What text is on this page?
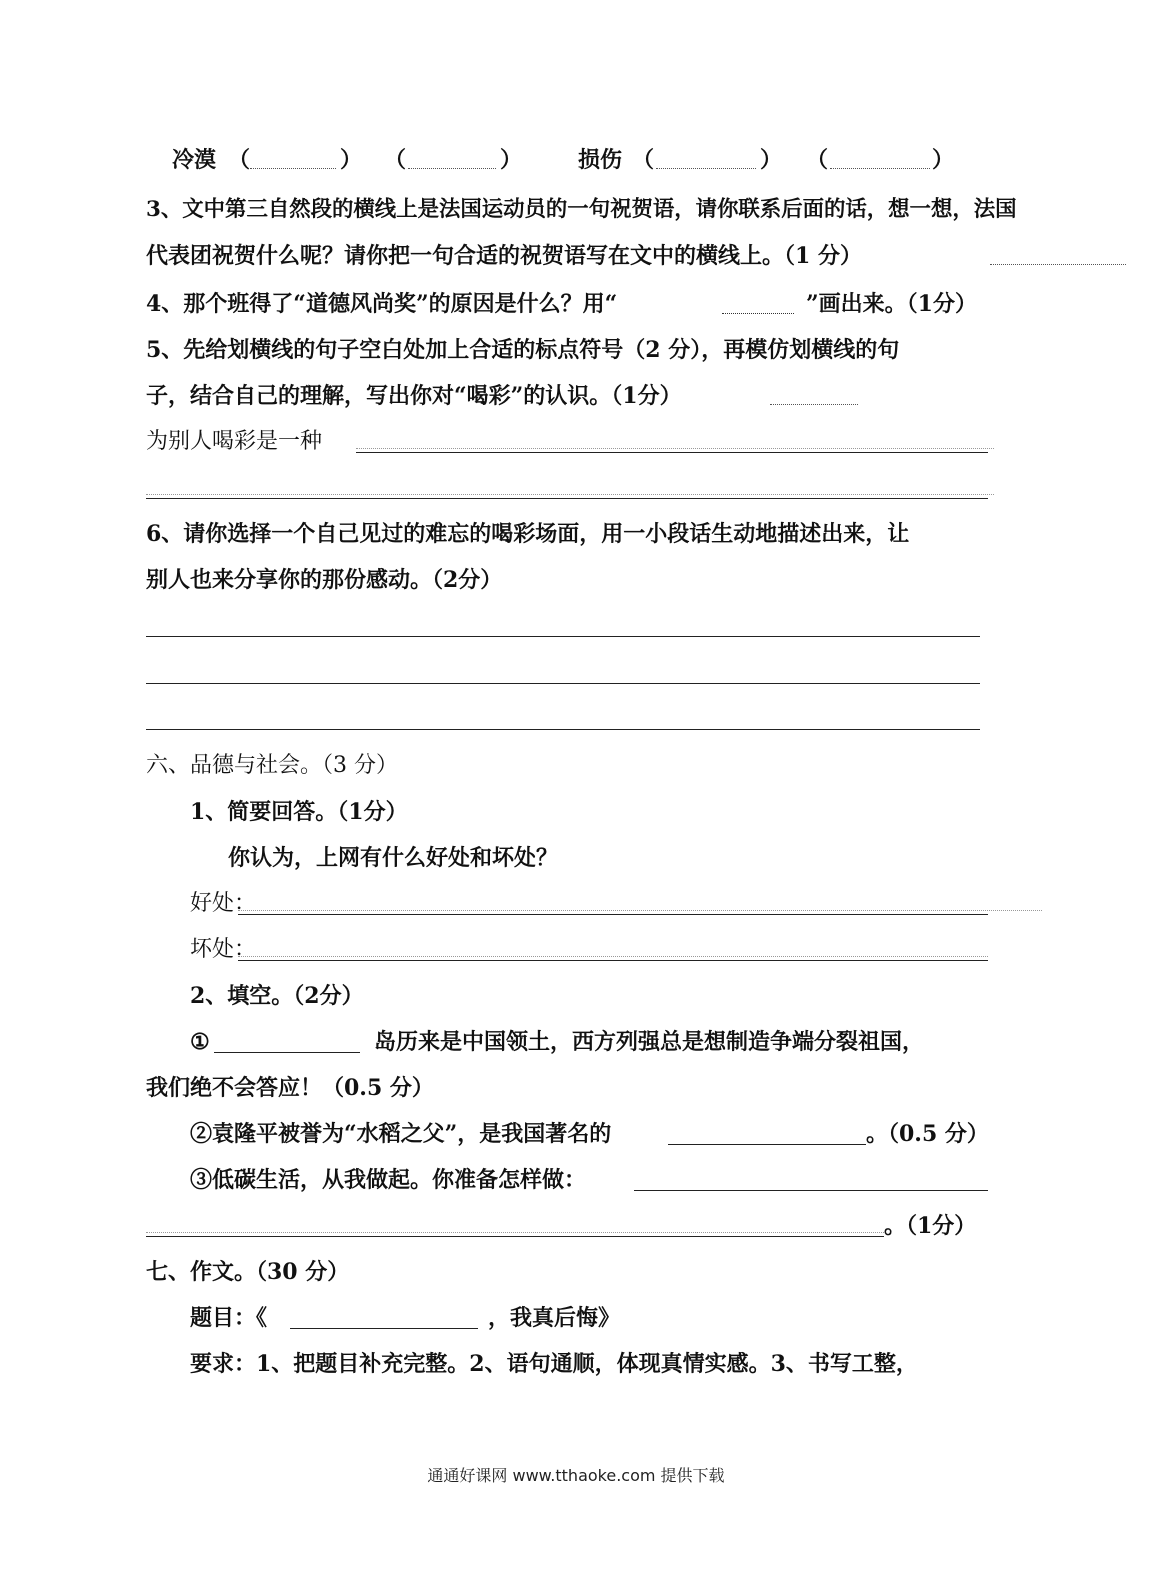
冷漠 （	） （	）	损伤 （	） （	）
3、文中第三自然段的横线上是法国运动员的一句祝贺语，请你联系后面的话，想一想，法国
代表团祝贺什么呢？请你把一句合适的祝贺语写在文中的横线上。（1 分）
4、那个班得了“道德风尚奖”的原因是什么？用“	”画出来。（1分）
5、先给划横线的句子空白处加上合适的标点符号（2 分），再模仿划横线的句
子，结合自己的理解，写出你对“喝彩”的认识。（1分）
为别人喝彩是一种
6、请你选择一个自己见过的难忘的喝彩场面，用一小段话生动地描述出来，让
别人也来分享你的那份感动。（2分）
六、品德与社会。（3 分）
1、简要回答。（1分）
你认为，上网有什么好处和坏处？
好处：
坏处：
2、填空。（2分）
①	岛历来是中国领土，西方列强总是想制造争端分裂祖国，
我们绝不会答应！（0.5 分）
②袁隆平被誉为“水稻之父”，是我国著名的	。（0.5 分）
③低碳生活，从我做起。你准备怎样做：
。（1分）
七、作文。（30 分）
题目：《	，我真后悔》
要求：1、把题目补充完整。2、语句通顺，体现真情实感。3、书写工整，
通通好课网 www.tthaoke.com 提供下载
